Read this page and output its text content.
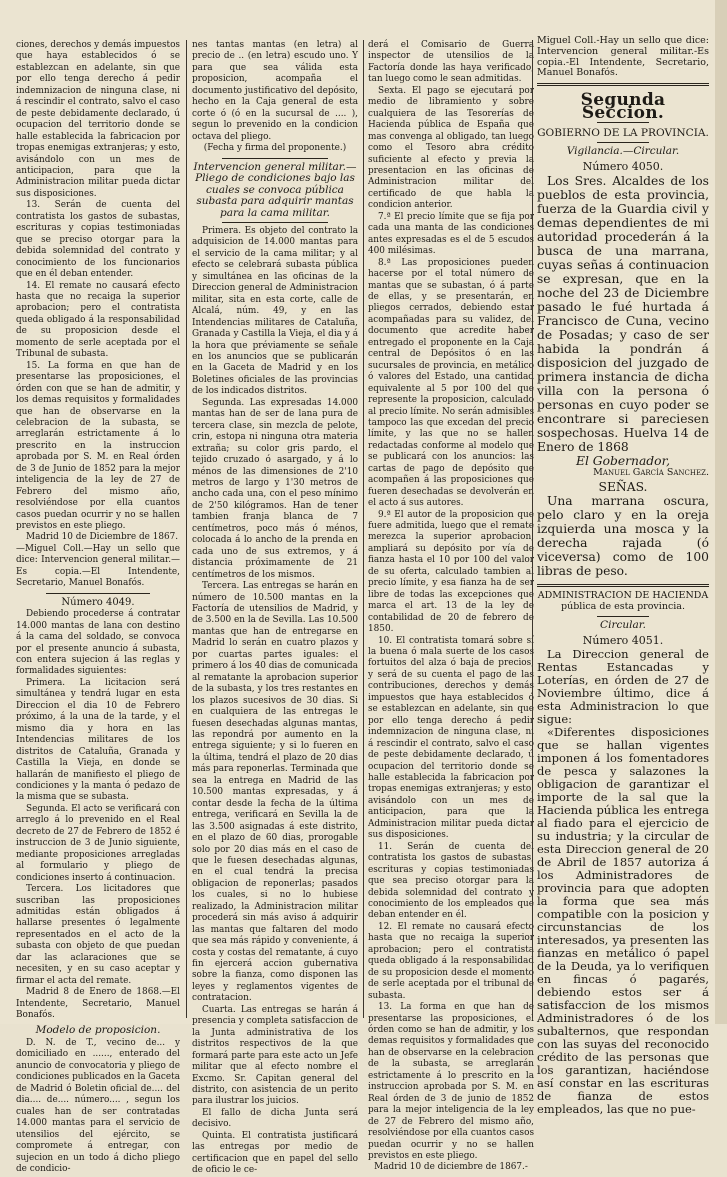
ciones, derechos y demás impuestos que haya establecidos ó se establezcan en adelante, sin que por ello tenga derecho á pedir indemnizacion de ninguna clase, ni á rescindir el contrato, salvo el caso de peste debidamente declarado, ú ocupacion del territorio donde se halle establecida la fabricacion por tropas enemigas extranjeras; y esto, avisándolo con un mes de anticipacion, para que la Administracion militar pueda dictar sus disposiciones.

13. Serán de cuenta del contratista los gastos de subastas, escrituras y copias testimoniadas que se preciso otorgar para la debida solemnidad del contrato y conocimiento de los funcionarios que en él deban entender.

14. El remate no causará efecto hasta que no recaiga la superior aprobacion; pero el contratista queda obligado á la responsabilidad de su proposicion desde el momento de serle aceptada por el Tribunal de subasta.

15. La forma en que han de presentarse las proposiciones, el órden con que se han de admitir, y los demas requisitos y formalidades que han de observarse en la celebracion de la subasta, se arreglarán estrictamente á lo prescrito en la instruccion aprobada por S. M. en Real órden de 3 de Junio de 1852 para la mejor inteligencia de la ley de 27 de Febrero del mismo año, resolviéndose por ella cuantos casos puedan ocurrir y no se hallen previstos en este pliego.

Madrid 10 de Diciembre de 1867.

—Miguel Coll.—Hay un sello que dice: Intervencion general militar.—Es copia.—El Intendente, Secretario, Manuel Bonafós.

Número 4049.

Debiendo procederse á contratar 14.000 mantas de lana con destino á la cama del soldado, se convoca por el presente anuncio á subasta, con entera sujecion á las reglas y formalidades siguientes:

Primera. La licitacion será simultánea y tendrá lugar en esta Direccion el dia 10 de Febrero próximo, á la una de la tarde, y el mismo dia y hora en las Intendencias militares de los distritos de Cataluña, Granada y Castilla la Vieja, en donde se hallarán de manifiesto el pliego de condiciones y la manta ó pedazo de la misma que se subasta.

Segunda. El acto se verificará con arreglo á lo prevenido en el Real decreto de 27 de Febrero de 1852 é instruccion de 3 de Junio siguiente, mediante proposiciones arregladas al formulario y pliego de condiciones inserto á continuacion.

Tercera. Los licitadores que suscriban las proposiciones admitidas están obligados á hallarse presentes ó legalmente representados en el acto de la subasta con objeto de que puedan dar las aclaraciones que se necesiten, y en su caso aceptar y firmar el acta del remate.

Madrid 8 de Enero de 1868.—El Intendente, Secretario, Manuel Bonafós.

Modelo de proposicion.

D. N. de T., vecino de... y domiciliado en ......, enterado del anuncio de convocatoria y pliego de condiciones publicados en la Gaceta de Madrid ó Boletin oficial de.... del dia.... de.... número.... , segun los cuales han de ser contratadas 14.000 mantas para el servicio de utensilios del ejército, se compromete á entregar, con sujecion en un todo á dicho pliego de condicio-

nes tantas mantas (en letra) al precio de .. (en letra) escudo uno. Y para que sea válida esta proposicion, acompaña el documento justificativo del depósito, hecho en la Caja general de esta corte ó (ó en la sucursal de .... ), segun lo prevenido en la condicion octava del pliego.

(Fecha y firma del proponente.)

Intervencion general militar.—Pliego de condiciones bajo las cuales se convoca pública subasta para adquirir mantas para la cama militar.

Primera. Es objeto del contrato la adquisicion de 14.000 mantas para el servicio de la cama militar; y al efecto se celebrará subasta pública y simultánea en las oficinas de la Direccion general de Administracion militar, sita en esta corte, calle de Alcalá, núm. 49, y en las Intendencias militares de Cataluña, Granada y Castilla la Vieja, el dia y á la hora que préviamente se señale en los anuncios que se publicarán en la Gaceta de Madrid y en los Boletines oficiales de las provincias de los indicados distritos.

Segunda. Las expresadas 14.000 mantas han de ser de lana pura de tercera clase, sin mezcla de pelote, crin, estopa ni ninguna otra materia extraña; su color gris pardo, el tejido cruzado ó asargado, y á lo ménos de las dimensiones de 2'10 metros de largo y 1'30 metros de ancho cada una, con el peso mínimo de 2'50 kilógramos. Han de tener tambien franja blanca de 7 centímetros, poco más ó ménos, colocada á lo ancho de la prenda en cada uno de sus extremos, y á distancia próximamente de 21 centímetros de los mismos.

Tercera. Las entregas se harán en número de 10.500 mantas en la Factoría de utensilios de Madrid, y de 3.500 en la de Sevilla. Las 10.500 mantas que han de entregarse en Madrid lo serán en cuatro plazos y por cuartas partes iguales: el primero á los 40 dias de comunicada al rematante la aprobacion superior de la subasta, y los tres restantes en los plazos sucesivos de 30 dias. Si en cualquiera de las entregas le fuesen desechadas algunas mantas, las repondrá por aumento en la entrega siguiente; y si lo fueren en la última, tendrá el plazo de 20 dias más para reponerlas. Terminada que sea la entrega en Madrid de las 10.500 mantas expresadas, y á contar desde la fecha de la última entrega, verificará en Sevilla la de las 3.500 asignadas á este distrito, en el plazo de 60 dias, prorogable solo por 20 dias más en el caso de que le fuesen desechadas algunas, en el cual tendrá la precisa obligacion de reponerlas; pasados los cuales, si no lo hubiese realizado, la Administracion militar procederá sin más aviso á adquirir las mantas que faltaren del modo que sea más rápido y conveniente, á costa y costas del rematante, á cuyo fin ejercerá accion gubernativa sobre la fianza, como disponen las leyes y reglamentos vigentes de contratacion.

Cuarta. Las entregas se harán á presencia y completa satisfaccion de la Junta administrativa de los distritos respectivos de la que formará parte para este acto un Jefe militar que al efecto nombre el Excmo. Sr. Capitan general del distrito, con asistencia de un perito para ilustrar los juicios.

El fallo de dicha Junta será decisivo.

Quinta. El contratista justificará las entregas por medio de certificacion que en papel del sello de oficio le ce-

derá el Comisario de Guerra inspector de utensilios de la Factoría donde las haya verificado, tan luego como le sean admitidas.

Sexta. El pago se ejecutará por medio de libramiento y sobre cualquiera de las Tesorerías de Hacienda pública de España que mas convenga al obligado, tan luego como el Tesoro abra crédito suficiente al efecto y previa la presentacion en las oficinas de Administracion militar del certificado de que habla la condicion anterior.

7.ª El precio límite que se fija por cada una manta de las condiciones antes expresadas es el de 5 escudos 400 milésimas.

8.ª Las proposiciones pueden hacerse por el total número de mantas que se subastan, ó á parte de ellas, y se presentarán, en pliegos cerrados, debiendo estar acompañadas para su validez, del documento que acredite haber entregado el proponente en la Caja central de Depósitos ó en las sucursales de provincia, en metálico ó valores del Estado, una cantidad equivalente al 5 por 100 del que represente la proposicion, calculado al precio límite. No serán admisibles tampoco las que excedan del precio límite, y las que no se hallen redactadas conforme al modelo que se publicará con los anuncios: las cartas de pago de depósito que acompañen á las proposiciones que fueren desechadas se devolverán en el acto á sus autores.

9.ª El autor de la proposicion que fuere admitida, luego que el remate merezca la superior aprobacion, ampliará su depósito por vía de fianza hasta el 10 por 100 del valor de su oferta, calculado tambien al precio límite, y esa fianza ha de ser libre de todas las excepciones que marca el art. 13 de la ley de contabilidad de 20 de febrero de 1850.

10. El contratista tomará sobre sí la buena ó mala suerte de los casos fortuitos del alza ó baja de precios, y será de su cuenta el pago de las contribuciones, derechos y demás impuestos que haya establecidos ó se establezcan en adelante, sin que por ello tenga derecho á pedir indemnizacion de ninguna clase, ni á rescindir el contrato, salvo el caso de peste debidamente declarado, ú ocupacion del territorio donde se halle establecida la fabricacion por tropas enemigas extranjeras; y esto, avisándolo con un mes de anticipacion, para que la Administracion militar pueda dictar sus disposiciones.

11. Serán de cuenta del contratista los gastos de subastas, escrituras y copias testimoniadas que sea preciso otorgar para la debida solemnidad del contrato y conocimiento de los empleados que deban entender en él.

12. El remate no causará efecto hasta que no recaiga la superior aprobacion; pero el contratista queda obligado á la responsabilidad de su proposicion desde el momento de serle aceptada por el tribunal de subasta.

13. La forma en que han de presentarse las proposiciones, el órden como se han de admitir, y los demas requisitos y formalidades que han de observarse en la celebracion de la subasta, se arreglarán estrictamente á lo prescrito en la instruccion aprobada por S. M. en Real órden de 3 de junio de 1852 para la mejor inteligencia de la ley de 27 de Febrero del mismo año, resolviéndose por ella cuantos casos puedan ocurrir y no se hallen previstos en este pliego.

Madrid 10 de diciembre de 1867.-

Miguel Coll.-Hay un sello que dice: Intervencion general militar.-Es copia.-El Intendente, Secretario, Manuel Bonafós.

Segunda Seccion.

GOBIERNO DE LA PROVINCIA.

Vigilancia.—Circular.

Número 4050.

Los Sres. Alcaldes de los pueblos de esta provincia, fuerza de la Guardia civil y demas dependientes de mi autoridad procederán á la busca de una marrana, cuyas señas á continuacion se expresan, que en la noche del 23 de Diciembre pasado le fué hurtada á Francisco de Cuna, vecino de Posadas; y caso de ser habida la pondrán á disposicion del juzgado de primera instancia de dicha villa con la persona ó personas en cuyo poder se encontrare si pareciesen sospechosas. Huelva 14 de Enero de 1868

El Gobernador,

Manuel García Sanchez.

SEÑAS.

Una marrana oscura, pelo claro y en la oreja izquierda una mosca y la derecha rajada (ó viceversa) como de 100 libras de peso.

ADMINISTRACION DE HACIENDA pública de esta provincia.

Circular.

Número 4051.

La Direccion general de Rentas Estancadas y Loterías, en órden de 27 de Noviembre último, dice á esta Administracion lo que sigue:

«Diferentes disposiciones que se hallan vigentes imponen á los fomentadores de pesca y salazones la obligacion de garantizar el importe de la sal que la Hacienda pública les entrega al fiado para el ejercicio de su industria; y la circular de esta Direccion general de 20 de Abril de 1857 autoriza á los Administradores de provincia para que adopten la forma que sea más compatible con la posicion y circunstancias de los interesados, ya presenten las fianzas en metálico ó papel de la Deuda, ya lo verifiquen en fincas ó pagarés, debiendo estos ser á satisfaccion de los mismos Administradores ó de los subalternos, que respondan con las suyas del reconocido crédito de las personas que los garantizan, haciéndose así constar en las escrituras de fianza de estos empleados, las que no pue-
